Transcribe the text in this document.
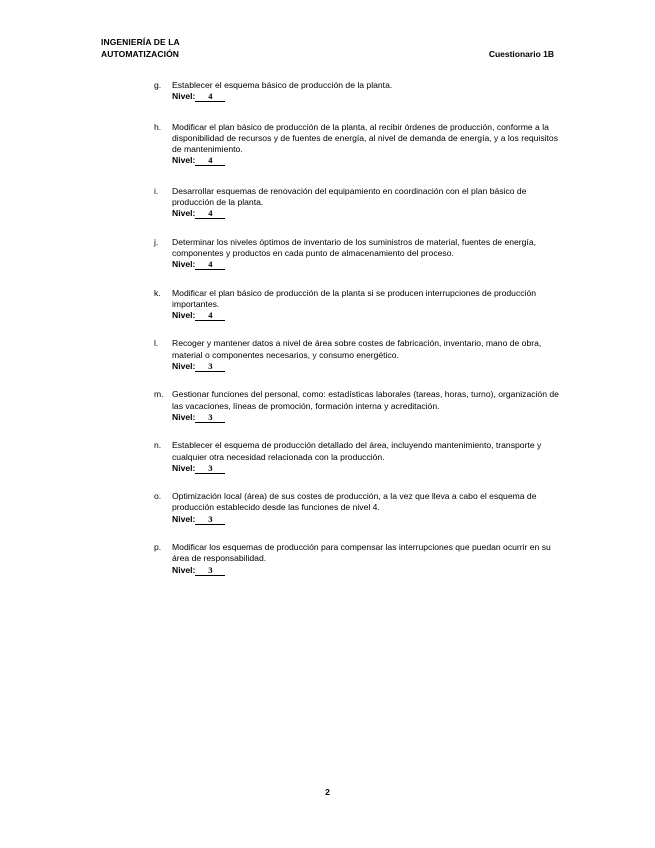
INGENIERÍA DE LA
AUTOMATIZACIÓN	Cuestionario 1B
g. Establecer el esquema básico de producción de la planta.
Nivel: 4
h. Modificar el plan básico de producción de la planta, al recibir órdenes de producción, conforme a la disponibilidad de recursos y de fuentes de energía, al nivel de demanda de energía, y a los requisitos de mantenimiento.
Nivel: 4
i. Desarrollar esquemas de renovación del equipamiento en coordinación con el plan básico de producción de la planta.
Nivel: 4
j. Determinar los niveles óptimos de inventario de los suministros de material, fuentes de energía, componentes y productos en cada punto de almacenamiento del proceso.
Nivel: 4
k. Modificar el plan básico de producción de la planta si se producen interrupciones de producción importantes.
Nivel: 4
l. Recoger y mantener datos a nivel de área sobre costes de fabricación, inventario, mano de obra, material o componentes necesarios, y consumo energético.
Nivel: 3
m. Gestionar funciones del personal, como: estadísticas laborales (tareas, horas, turno), organización de las vacaciones, líneas de promoción, formación interna y acreditación.
Nivel: 3
n. Establecer el esquema de producción detallado del área, incluyendo mantenimiento, transporte y cualquier otra necesidad relacionada con la producción.
Nivel: 3
o. Optimización local (área) de sus costes de producción, a la vez que lleva a cabo el esquema de producción establecido desde las funciones de nivel 4.
Nivel: 3
p. Modificar los esquemas de producción para compensar las interrupciones que puedan ocurrir en su área de responsabilidad.
Nivel: 3
2
